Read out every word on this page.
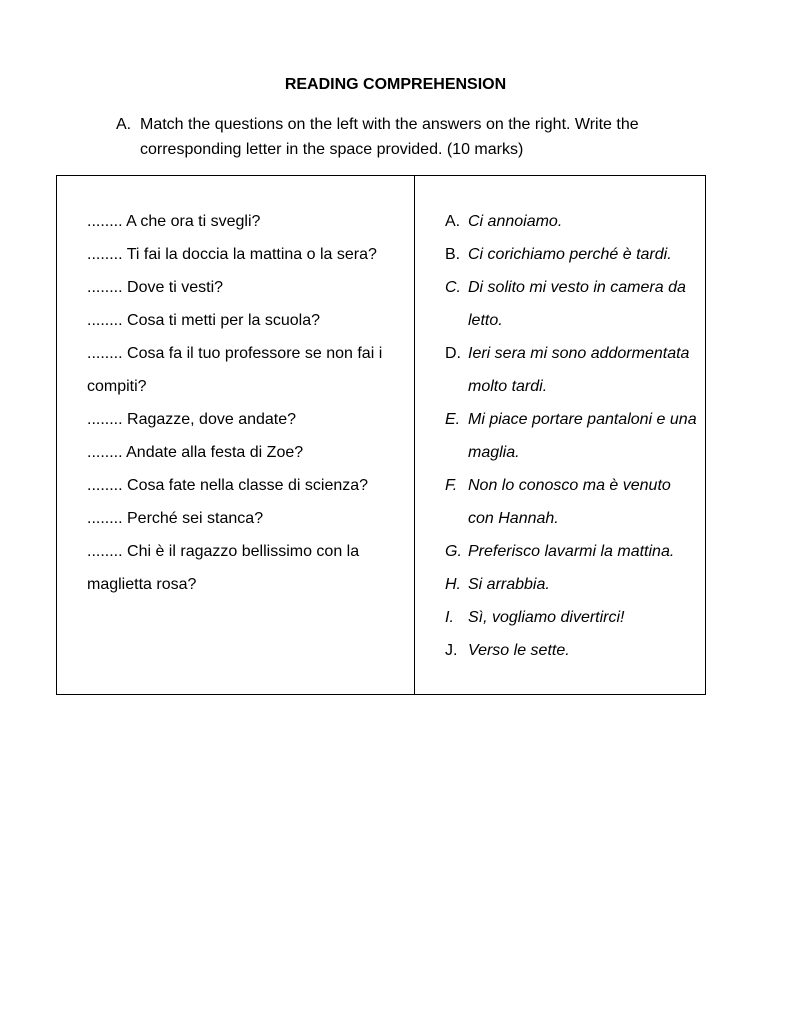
READING COMPREHENSION
A. Match the questions on the left with the answers on the right. Write the corresponding letter in the space provided. (10 marks)

........ A che ora ti svegli?

........ Ti fai la doccia la mattina o la sera?

........ Dove ti vesti?

........ Cosa ti metti per la scuola?

........ Cosa fa il tuo professore se non fai i compiti?

........ Ragazze, dove andate?

........ Andate alla festa di Zoe?

........ Cosa fate nella classe di scienza?

........ Perché sei stanca?

........ Chi è il ragazzo bellissimo con la maglietta rosa?

A. Ci annoiamo.
B. Ci corichiamo perché è tardi.
C. Di solito mi vesto in camera da letto.
D. Ieri sera mi sono addormentata molto tardi.
E. Mi piace portare pantaloni e una maglia.
F. Non lo conosco ma è venuto con Hannah.
G. Preferisco lavarmi la mattina.
H. Si arrabbia.
I. Sì, vogliamo divertirci!
J. Verso le sette.
